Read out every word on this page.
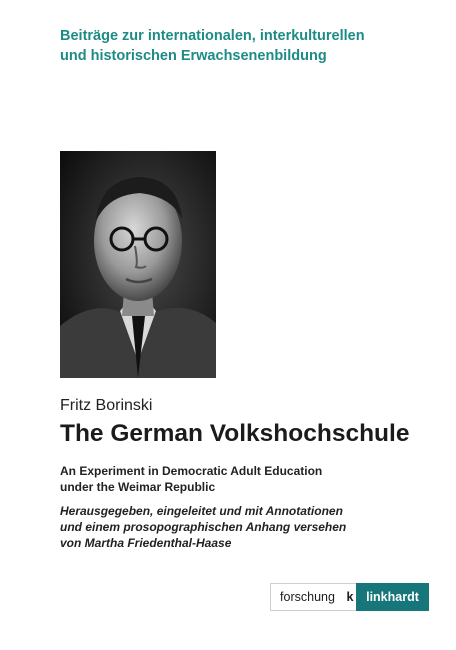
Beiträge zur internationalen, interkulturellen
und historischen Erwachsenenbildung
Fritz Borinski
The German Volkshochschule
An Experiment in Democratic Adult Education
under the Weimar Republic
Herausgegeben, eingeleitet und mit Annotationen
und einem prosopographischen Anhang versehen
von Martha Friedenthal-Haase
forschung k	linkhardt
